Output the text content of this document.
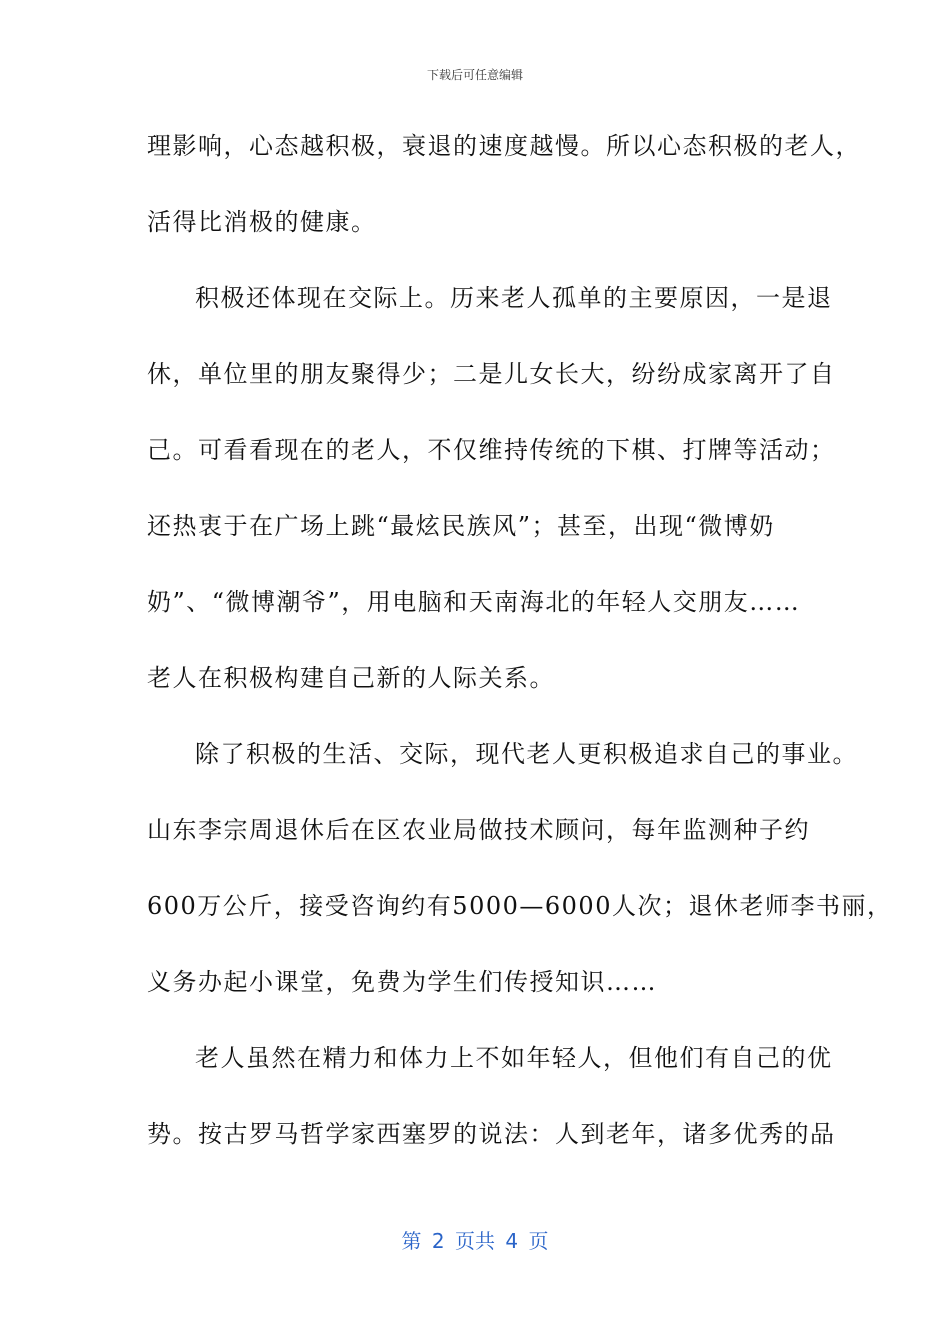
下载后可任意编辑
理影响，心态越积极，衰退的速度越慢。所以心态积极的老人，
活得比消极的健康。
积极还体现在交际上。历来老人孤单的主要原因，一是退
休，单位里的朋友聚得少；二是儿女长大，纷纷成家离开了自
己。可看看现在的老人，不仅维持传统的下棋、打牌等活动；
还热衷于在广场上跳“最炫民族风”；甚至，出现“微博奶
奶”、“微博潮爷”，用电脑和天南海北的年轻人交朋友……
老人在积极构建自己新的人际关系。
除了积极的生活、交际，现代老人更积极追求自己的事业。
山东李宗周退休后在区农业局做技术顾问，每年监测种子约
600万公斤，接受咨询约有5000—6000人次；退休老师李书丽，
义务办起小课堂，免费为学生们传授知识……
老人虽然在精力和体力上不如年轻人，但他们有自己的优
势。按古罗马哲学家西塞罗的说法：人到老年，诸多优秀的品
第 2 页共 4 页
